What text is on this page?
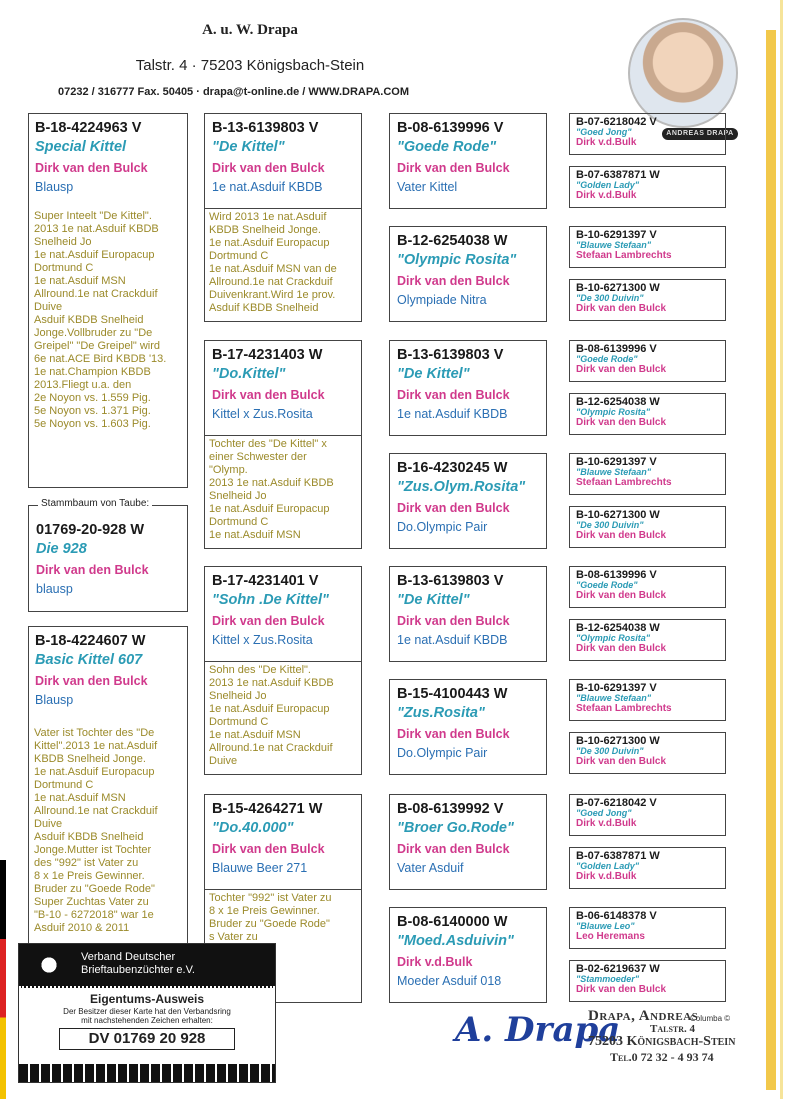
A. u. W. Drapa
Talstr. 4 · 75203 Königsbach-Stein
07232 / 316777 Fax. 50405 · drapa@t-online.de / WWW.DRAPA.COM
ANDREAS DRAPA
B-18-4224963 V
Special Kittel
Dirk van den Bulck
Blausp
Super Inteelt "De Kittel".
2013 1e nat.Asduif KBDB
Snelheid Jo
1e nat.Asduif Europacup
Dortmund C
1e nat.Asduif MSN
Allround.1e nat Crackduif
Duive
Asduif KBDB Snelheid
Jonge.Vollbruder zu "De
Greipel" "De Greipel" wird
6e nat.ACE Bird KBDB '13.
1e nat.Champion KBDB
2013.Fliegt u.a. den
2e Noyon vs. 1.559 Pig.
5e Noyon vs. 1.371 Pig.
5e Noyon vs. 1.603 Pig.
01769-20-928 W
Die 928
Dirk van den Bulck
blausp
Stammbaum von Taube:
B-18-4224607 W
Basic Kittel 607
Dirk van den Bulck
Blausp
Vater ist Tochter des "De
Kittel".2013 1e nat.Asduif
KBDB Snelheid Jonge.
1e nat.Asduif Europacup
Dortmund C
1e nat.Asduif MSN
Allround.1e nat Crackduif
Duive
Asduif KBDB Snelheid
Jonge.Mutter ist Tochter
des "992" ist Vater zu
8 x 1e Preis Gewinner.
Bruder zu "Goede Rode"
Super Zuchtas Vater zu
"B-10 - 6272018" war 1e
Asduif 2010 & 2011
B-13-6139803 V
"De Kittel"
Dirk van den Bulck
1e nat.Asduif KBDB
Wird 2013 1e nat.Asduif
KBDB Snelheid Jonge.
1e nat.Asduif Europacup
Dortmund C
1e nat.Asduif MSN van de
Allround.1e nat Crackduif
Duivenkrant.Wird 1e prov.
Asduif KBDB Snelheid
B-17-4231403 W
"Do.Kittel"
Dirk van den Bulck
Kittel x Zus.Rosita
Tochter des "De Kittel" x
einer Schwester der
"Olymp.
2013 1e nat.Asduif KBDB
Snelheid Jo
1e nat.Asduif Europacup
Dortmund C
1e nat.Asduif MSN
B-17-4231401 V
"Sohn .De Kittel"
Dirk van den Bulck
Kittel x Zus.Rosita
Sohn des "De Kittel".
2013 1e nat.Asduif KBDB
Snelheid Jo
1e nat.Asduif Europacup
Dortmund C
1e nat.Asduif MSN
Allround.1e nat Crackduif
Duive
B-15-4264271 W
"Do.40.000"
Dirk van den Bulck
Blauwe Beer 271
Tochter "992" ist Vater zu
8 x 1e Preis Gewinner.
Bruder zu "Goede Rode"
s Vater zu

B-08-6139996 V
"Goede Rode"
Dirk van den Bulck
Vater Kittel
B-12-6254038 W
"Olympic Rosita"
Dirk van den Bulck
Olympiade Nitra
B-13-6139803 V
"De Kittel"
Dirk van den Bulck
1e nat.Asduif KBDB
B-16-4230245 W
"Zus.Olym.Rosita"
Dirk van den Bulck
Do.Olympic Pair
B-13-6139803 V
"De Kittel"
Dirk van den Bulck
1e nat.Asduif KBDB
B-15-4100443 W
"Zus.Rosita"
Dirk van den Bulck
Do.Olympic Pair
B-08-6139992 V
"Broer Go.Rode"
Dirk van den Bulck
Vater Asduif
B-08-6140000 W
"Moed.Asduivin"
Dirk v.d.Bulk
Moeder Asduif 018
B-07-6218042 V
"Goed Jong"
Dirk v.d.Bulk
B-07-6387871 W
"Golden Lady"
Dirk v.d.Bulk
B-10-6291397 V
"Blauwe Stefaan"
Stefaan Lambrechts
B-10-6271300 W
"De 300 Duivin"
Dirk van den Bulck
B-08-6139996 V
"Goede Rode"
Dirk van den Bulck
B-12-6254038 W
"Olympic Rosita"
Dirk van den Bulck
B-10-6291397 V
"Blauwe Stefaan"
Stefaan Lambrechts
B-10-6271300 W
"De 300 Duivin"
Dirk van den Bulck
B-08-6139996 V
"Goede Rode"
Dirk van den Bulck
B-12-6254038 W
"Olympic Rosita"
Dirk van den Bulck
B-10-6291397 V
"Blauwe Stefaan"
Stefaan Lambrechts
B-10-6271300 W
"De 300 Duivin"
Dirk van den Bulck
B-07-6218042 V
"Goed Jong"
Dirk v.d.Bulk
B-07-6387871 W
"Golden Lady"
Dirk v.d.Bulk
B-06-6148378 V
"Blauwe Leo"
Leo Heremans
B-02-6219637 W
"Stammoeder"
Dirk van den Bulck
Verband Deutscher
Brieftaubenzüchter e.V.
Eigentums-Ausweis
Der Besitzer dieser Karte hat den Verbandsring
mit nachstehenden Zeichen erhalten:
DV 01769 20 928	A. Drapa
Drapa, Andreas
Talstr. 4
75203 Königsbach-Stein
Tel.0 72 32 - 4 93 74
Columba ©
